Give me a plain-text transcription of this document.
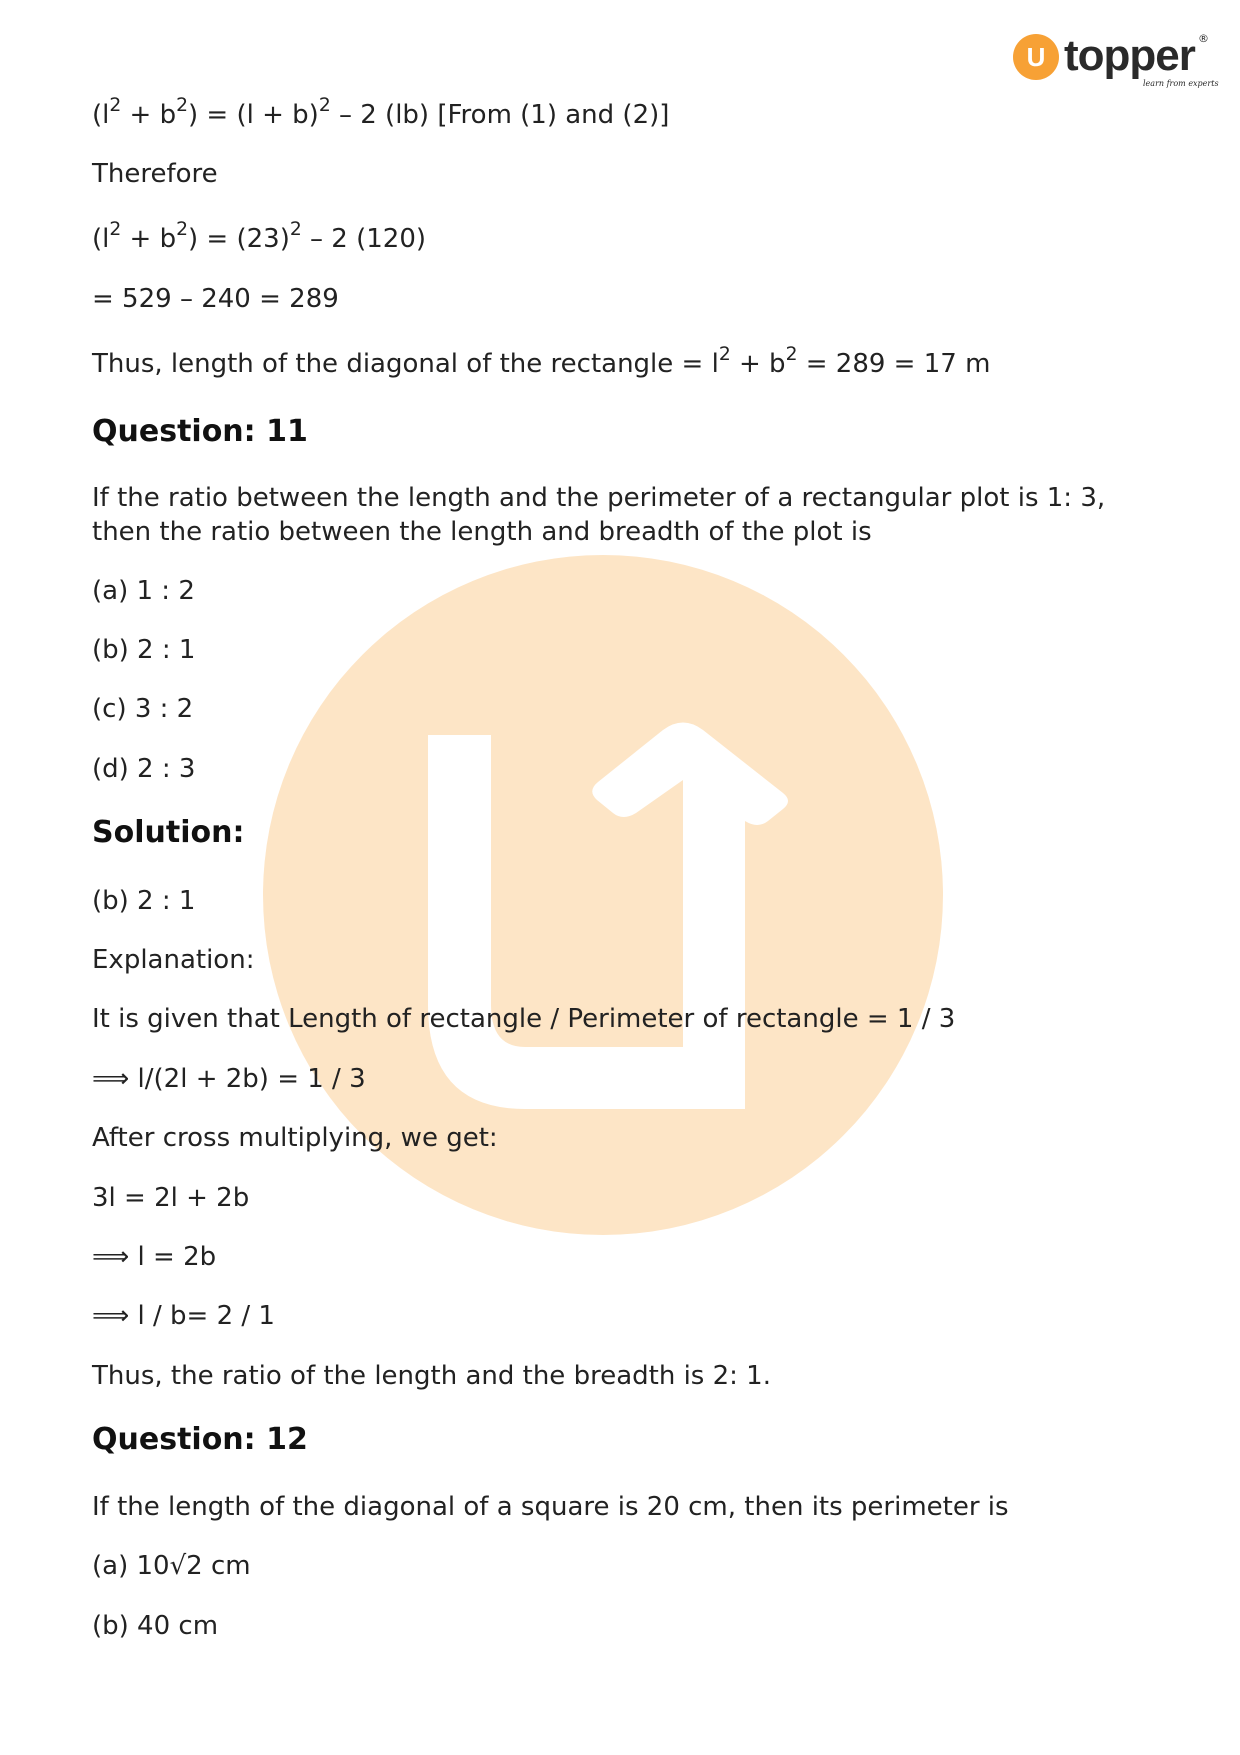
U topper ®
learn from experts

$(l^2 + b^2) = (l + b)^2 - 2$ (lb) [From (1) and (2)]

Therefore

$(l^2 + b^2) = (23)^2 - 2$ (120)

= 529 – 240 = 289

Thus, length of the diagonal of the rectangle = $l^2 + b^2 = 289 = 17$ m

Question: 11

If the ratio between the length and the perimeter of a rectangular plot is 1: 3, then the ratio between the length and breadth of the plot is

(a) 1 : 2

(b) 2 : 1

(c) 3 : 2

(d) 2 : 3

Solution:

(b) 2 : 1

Explanation:

It is given that Length of rectangle / Perimeter of rectangle = 1 / 3

⟹ l/(2l + 2b) = 1 / 3

After cross multiplying, we get:

3l = 2l + 2b

⟹ l = 2b

⟹ l / b= 2 / 1

Thus, the ratio of the length and the breadth is 2: 1.

Question: 12

If the length of the diagonal of a square is 20 cm, then its perimeter is

(a) 10√2 cm

(b) 40 cm
